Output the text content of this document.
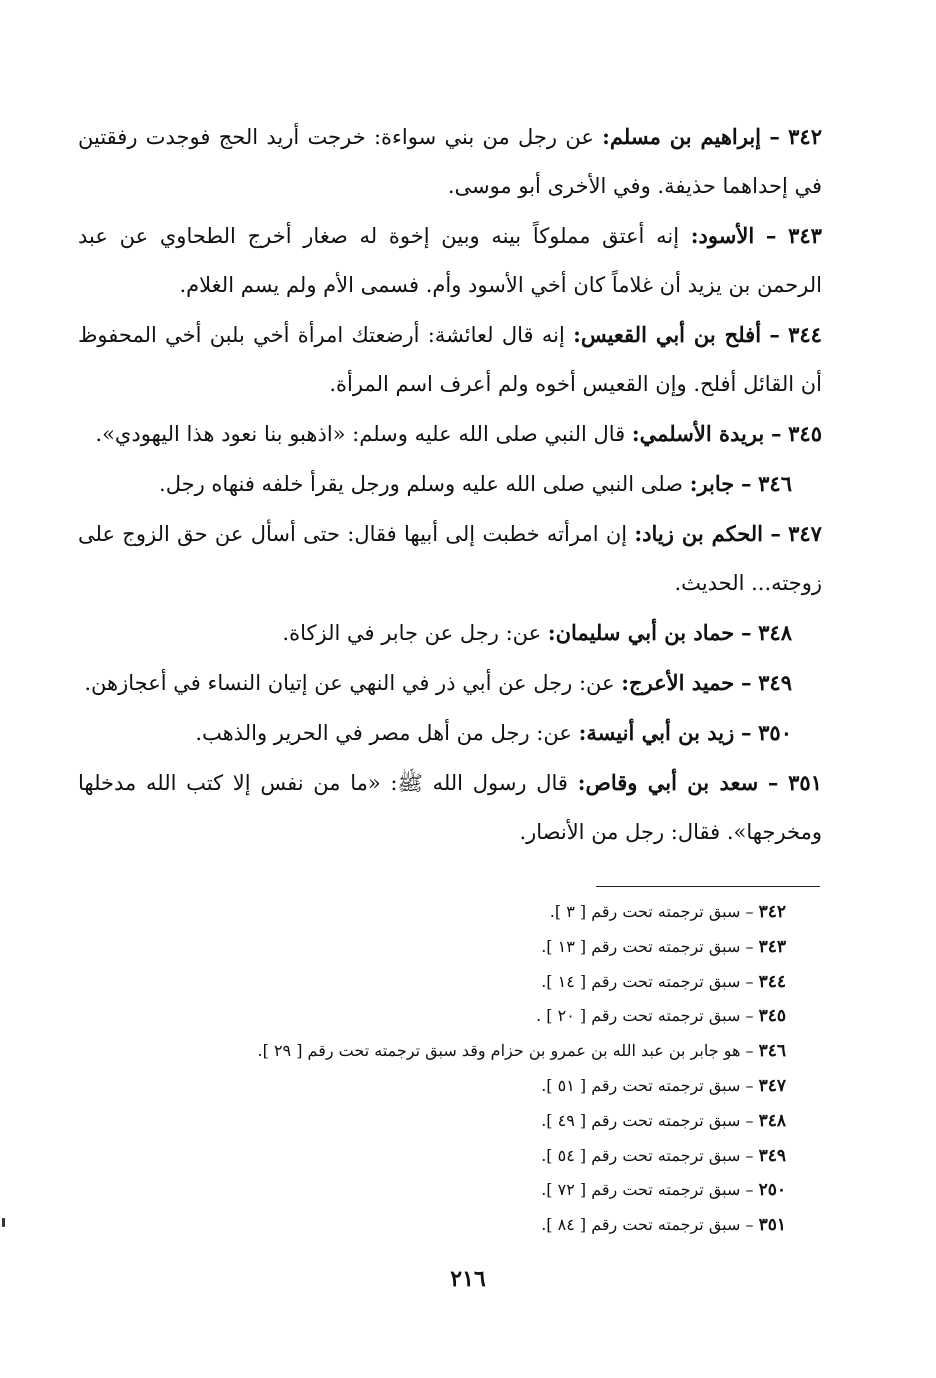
٣٤٢ – إبراهيم بن مسلم: عن رجل من بني سواءة: خرجت أريد الحج فوجدت رفقتين في إحداهما حذيفة. وفي الأخرى أبو موسى.

٣٤٣ – الأسود: إنه أعتق مملوكاً بينه وبين إخوة له صغار أخرج الطحاوي عن عبد الرحمن بن يزيد أن غلاماً كان أخي الأسود وأم. فسمى الأم ولم يسم الغلام.

٣٤٤ – أفلح بن أبي القعيس: إنه قال لعائشة: أرضعتك امرأة أخي بلبن أخي المحفوظ أن القائل أفلح. وإن القعيس أخوه ولم أعرف اسم المرأة.

٣٤٥ – بريدة الأسلمي: قال النبي صلى الله عليه وسلم: «اذهبو بنا نعود هذا اليهودي».

٣٤٦ – جابر: صلى النبي صلى الله عليه وسلم ورجل يقرأ خلفه فنهاه رجل.

٣٤٧ – الحكم بن زياد: إن امرأته خطبت إلى أبيها فقال: حتى أسأل عن حق الزوج على زوجته... الحديث.

٣٤٨ – حماد بن أبي سليمان: عن: رجل عن جابر في الزكاة.

٣٤٩ – حميد الأعرج: عن: رجل عن أبي ذر في النهي عن إتيان النساء في أعجازهن.

٣٥٠ – زيد بن أبي أنيسة: عن: رجل من أهل مصر في الحرير والذهب.

٣٥١ – سعد بن أبي وقاص: قال رسول الله ﷺ: «ما من نفس إلا كتب الله مدخلها ومخرجها». فقال: رجل من الأنصار.

٣٤٢ – سبق ترجمته تحت رقم [ ٣ ].
٣٤٣ – سبق ترجمته تحت رقم [ ١٣ ].
٣٤٤ – سبق ترجمته تحت رقم [ ١٤ ].
٣٤٥ – سبق ترجمته تحت رقم [ ٢٠ ] .
٣٤٦ – هو جابر بن عبد الله بن عمرو بن حزام وقد سبق ترجمته تحت رقم [ ٢٩ ].
٣٤٧ – سبق ترجمته تحت رقم [ ٥١ ].
٣٤٨ – سبق ترجمته تحت رقم [ ٤٩ ].
٣٤٩ – سبق ترجمته تحت رقم [ ٥٤ ].
٢٥٠ – سبق ترجمته تحت رقم [ ٧٢ ].
٣٥١ – سبق ترجمته تحت رقم [ ٨٤ ].
٢١٦
